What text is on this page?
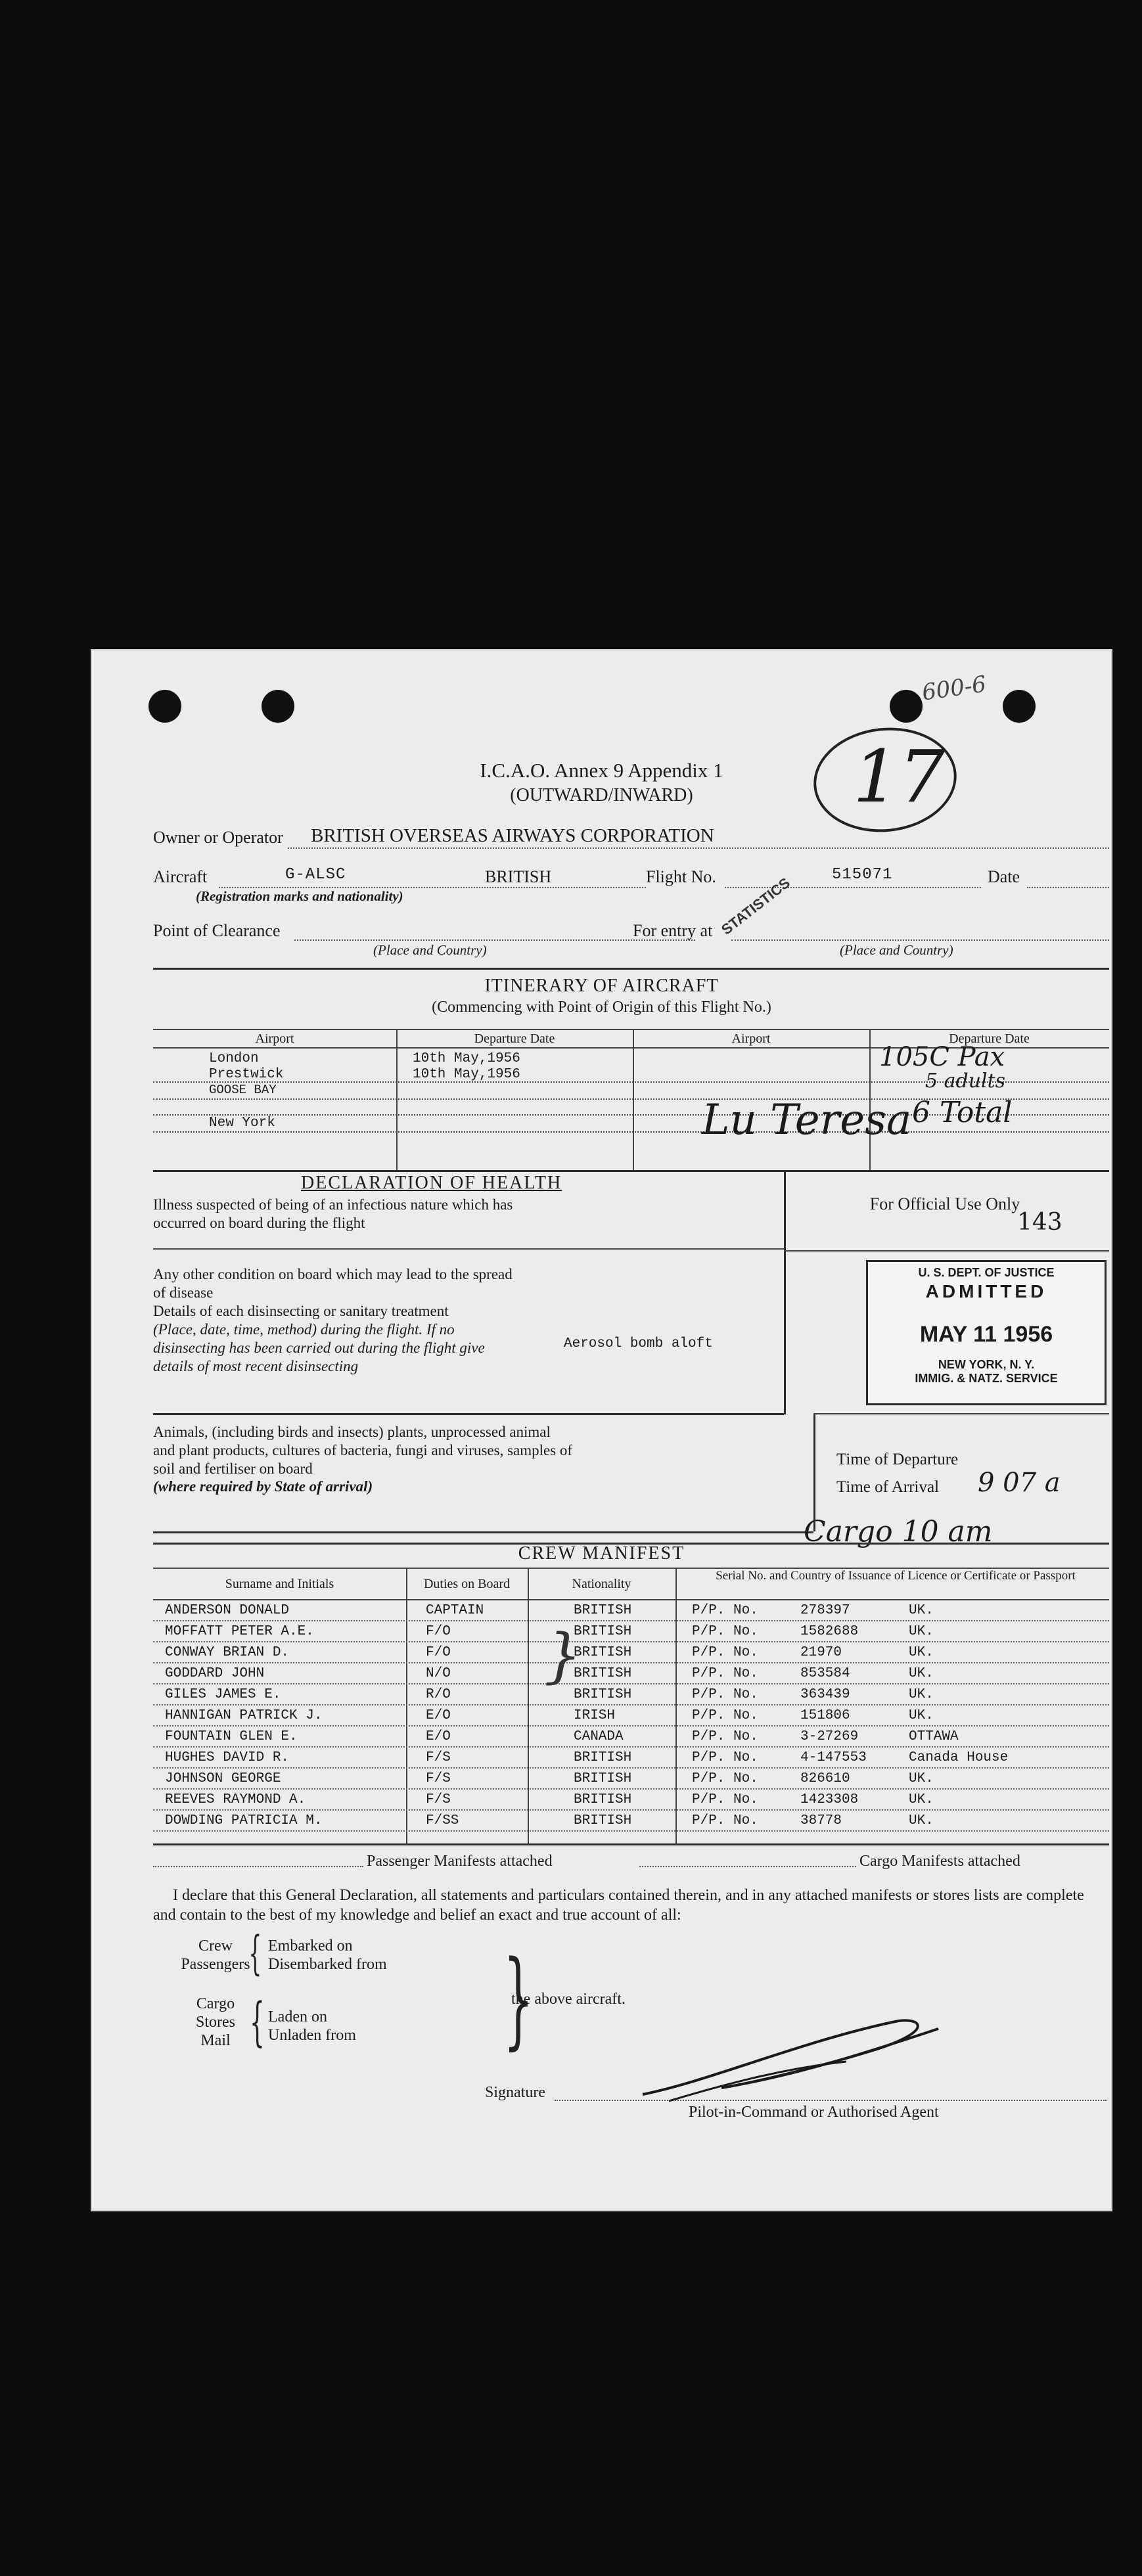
600-6
I.C.A.O. Annex 9 Appendix 1
(OUTWARD/INWARD)	17
Owner or Operator BRITISH OVERSEAS AIRWAYS CORPORATION
Aircraft	G-ALSC	BRITISH	Flight No.	515071	Date
(Registration marks and nationality)
Point of Clearance
(Place and Country)
For entry at
(Place and Country)
STATISTICS
ITINERARY OF AIRCRAFT
(Commencing with Point of Origin of this Flight No.)
Airport	Departure Date	Airport	Departure Date
London	10th May,1956
Prestwick	10th May,1956
GOOSE BAY
New York
105C Pax
5 adults
6 Total
Lu Teresa
DECLARATION OF HEALTH
Illness suspected of being of an infectious nature which has occurred on board during the flight
Any other condition on board which may lead to the spread of disease
Details of each disinsecting or sanitary treatment
(Place, date, time, method) during the flight. If no disinsecting has been carried out during the flight give details of most recent disinsecting
Aerosol bomb aloft
For Official Use Only
143
U. S. DEPT. OF JUSTICE
ADMITTED
MAY 11 1956
NEW YORK, N. Y.
IMMIG. & NATZ. SERVICE
Animals, (including birds and insects) plants, unprocessed animal and plant products, cultures of bacteria, fungi and viruses, samples of soil and fertiliser on board
(where required by State of arrival)
Time of Departure
Time of Arrival 9 07 a
Cargo 10 am
CREW MANIFEST
Surname and Initials	Duties on Board	Nationality
Serial No. and Country of Issuance of Licence or Certificate or Passport
ANDERSON DONALD	CAPTAIN	BRITISH	P/P. No.	278397	UK.
MOFFATT PETER A.E.	F/O	BRITISH	P/P. No.	1582688	UK.
CONWAY BRIAN D.	F/O	BRITISH	P/P. No.	21970	UK.
GODDARD JOHN	N/O	BRITISH	P/P. No.	853584	UK.
GILES JAMES E.	R/O	BRITISH	P/P. No.	363439	UK.
HANNIGAN PATRICK J.	E/O	IRISH	P/P. No.	151806	UK.
FOUNTAIN GLEN E.	E/O	CANADA	P/P. No.	3-27269	OTTAWA
HUGHES DAVID R.	F/S	BRITISH	P/P. No.	4-147553	Canada House
JOHNSON GEORGE	F/S	BRITISH	P/P. No.	826610	UK.
REEVES RAYMOND A.	F/S	BRITISH	P/P. No.	1423308	UK.
DOWDING PATRICIA M.	F/SS	BRITISH	P/P. No.	38778	UK.
}
Passenger Manifests attached	Cargo Manifests attached
I declare that this General Declaration, all statements and particulars contained therein, and in any attached manifests or stores lists are complete and contain to the best of my knowledge and belief an exact and true account of all:
Crew
Passengers
{ Embarked on
Disembarked from
Cargo
Stores
Mail { Laden on
Unladen from }
the above aircraft.
Signature
Pilot-in-Command or Authorised Agent
